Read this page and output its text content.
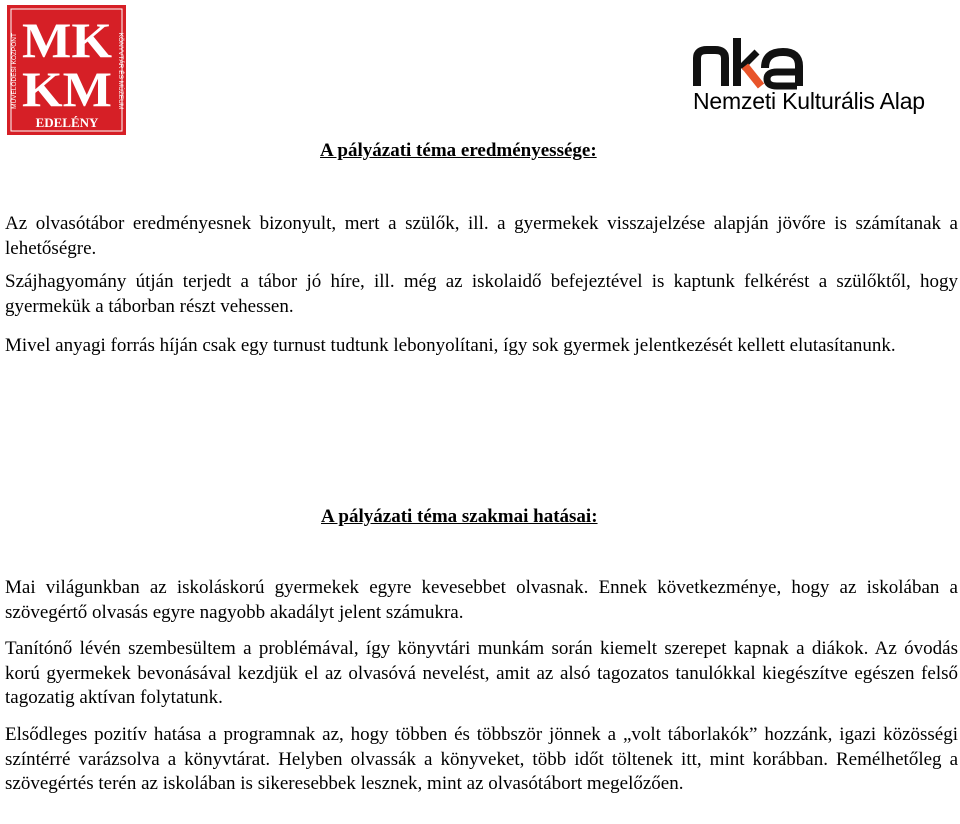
MŰVELŐDÉSI KÖZPONT	KÖNYVTÁR ÉS MÚZEUM
MK
KM
EDELÉNY
Nemzeti Kulturális Alap
A pályázati téma eredményessége:

Az olvasótábor eredményesnek bizonyult, mert a szülők, ill. a gyermekek visszajelzése alapján jövőre is számítanak a lehetőségre.

Szájhagyomány útján terjedt a tábor jó híre, ill. még az iskolaidő befejeztével is kaptunk felkérést a szülőktől, hogy gyermekük a táborban részt vehessen.

Mivel anyagi forrás híján csak egy turnust tudtunk lebonyolítani, így sok gyermek jelentkezését kellett elutasítanunk.

A pályázati téma szakmai hatásai:

Mai világunkban az iskoláskorú gyermekek egyre kevesebbet olvasnak. Ennek következménye, hogy az iskolában a szövegértő olvasás egyre nagyobb akadályt jelent számukra.

Tanítónő lévén szembesültem a problémával, így könyvtári munkám során kiemelt szerepet kapnak a diákok. Az óvodás korú gyermekek bevonásával kezdjük el az olvasóvá nevelést, amit az alsó tagozatos tanulókkal kiegészítve egészen felső tagozatig aktívan folytatunk.

Elsődleges pozitív hatása a programnak az, hogy többen és többször jönnek a „volt táborlakók” hozzánk, igazi közösségi színtérré varázsolva a könyvtárat. Helyben olvassák a könyveket, több időt töltenek itt, mint korábban. Remélhetőleg a szövegértés terén az iskolában is sikeresebbek lesznek, mint az olvasótábort megelőzően.
